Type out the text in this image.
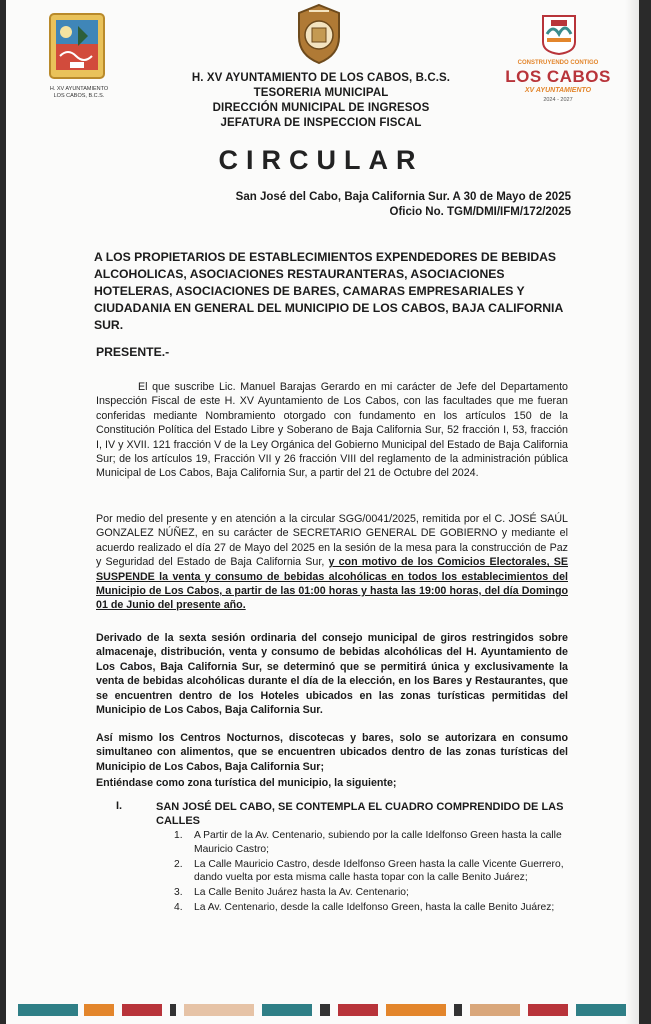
H. XV AYUNTAMIENTO
LOS CABOS, B.C.S.
CONSTRUYENDO CONTIGO
LOS CABOS
XV AYUNTAMIENTO
2024 - 2027
H. XV AYUNTAMIENTO DE LOS CABOS, B.C.S.
TESORERIA MUNICIPAL
DIRECCIÓN MUNICIPAL DE INGRESOS
JEFATURA DE INSPECCION FISCAL
CIRCULAR
San José del Cabo, Baja California Sur. A 30 de Mayo de 2025
Oficio No. TGM/DMI/IFM/172/2025
A LOS PROPIETARIOS DE ESTABLECIMIENTOS EXPENDEDORES DE BEBIDAS ALCOHOLICAS, ASOCIACIONES RESTAURANTERAS, ASOCIACIONES HOTELERAS, ASOCIACIONES DE BARES, CAMARAS EMPRESARIALES Y CIUDADANIA EN GENERAL DEL MUNICIPIO DE LOS CABOS, BAJA CALIFORNIA SUR.
PRESENTE.-
El que suscribe Lic. Manuel Barajas Gerardo en mi carácter de Jefe del Departamento Inspección Fiscal de este H. XV Ayuntamiento de Los Cabos, con las facultades que me fueran conferidas mediante Nombramiento otorgado con fundamento en los artículos 150 de la Constitución Política del Estado Libre y Soberano de Baja California Sur, 52 fracción I, 53, fracción I, IV y XVII. 121 fracción V de la Ley Orgánica del Gobierno Municipal del Estado de Baja California Sur; de los artículos 19, Fracción VII y 26 fracción VIII del reglamento de la administración pública Municipal de Los Cabos, Baja California Sur, a partir del 21 de Octubre del 2024.
Por medio del presente y en atención a la circular SGG/0041/2025, remitida por el C. JOSÉ SAÚL GONZALEZ NÚÑEZ, en su carácter de SECRETARIO GENERAL DE GOBIERNO y mediante el acuerdo realizado el día 27 de Mayo del 2025 en la sesión de la mesa para la construcción de Paz y Seguridad del Estado de Baja California Sur, y con motivo de los Comicios Electorales, SE SUSPENDE la venta y consumo de bebidas alcohólicas en todos los establecimientos del Municipio de Los Cabos, a partir de las 01:00 horas y hasta las 19:00 horas, del día Domingo 01 de Junio del presente año.
Derivado de la sexta sesión ordinaria del consejo municipal de giros restringidos sobre almacenaje, distribución, venta y consumo de bebidas alcohólicas del H. Ayuntamiento de Los Cabos, Baja California Sur, se determinó que se permitirá única y exclusivamente la venta de bebidas alcohólicas durante el día de la elección, en los Bares y Restaurantes, que se encuentren dentro de los Hoteles ubicados en las zonas turísticas permitidas del Municipio de Los Cabos, Baja California Sur.
Así mismo los Centros Nocturnos, discotecas y bares, solo se autorizara en consumo simultaneo con alimentos, que se encuentren ubicados dentro de las zonas turísticas del Municipio de Los Cabos, Baja California Sur;
Entiéndase como zona turística del municipio, la siguiente;
I.	SAN JOSÉ DEL CABO, SE CONTEMPLA EL CUADRO COMPRENDIDO DE LAS CALLES
1.	A Partir de la Av. Centenario, subiendo por la calle Idelfonso Green hasta la calle Mauricio Castro;
2.	La Calle Mauricio Castro, desde Idelfonso Green hasta la calle Vicente Guerrero, dando vuelta por esta misma calle hasta topar con la calle Benito Juárez;
3.	La Calle Benito Juárez hasta la Av. Centenario;
4.	La Av. Centenario, desde la calle Idelfonso Green, hasta la calle Benito Juárez;
